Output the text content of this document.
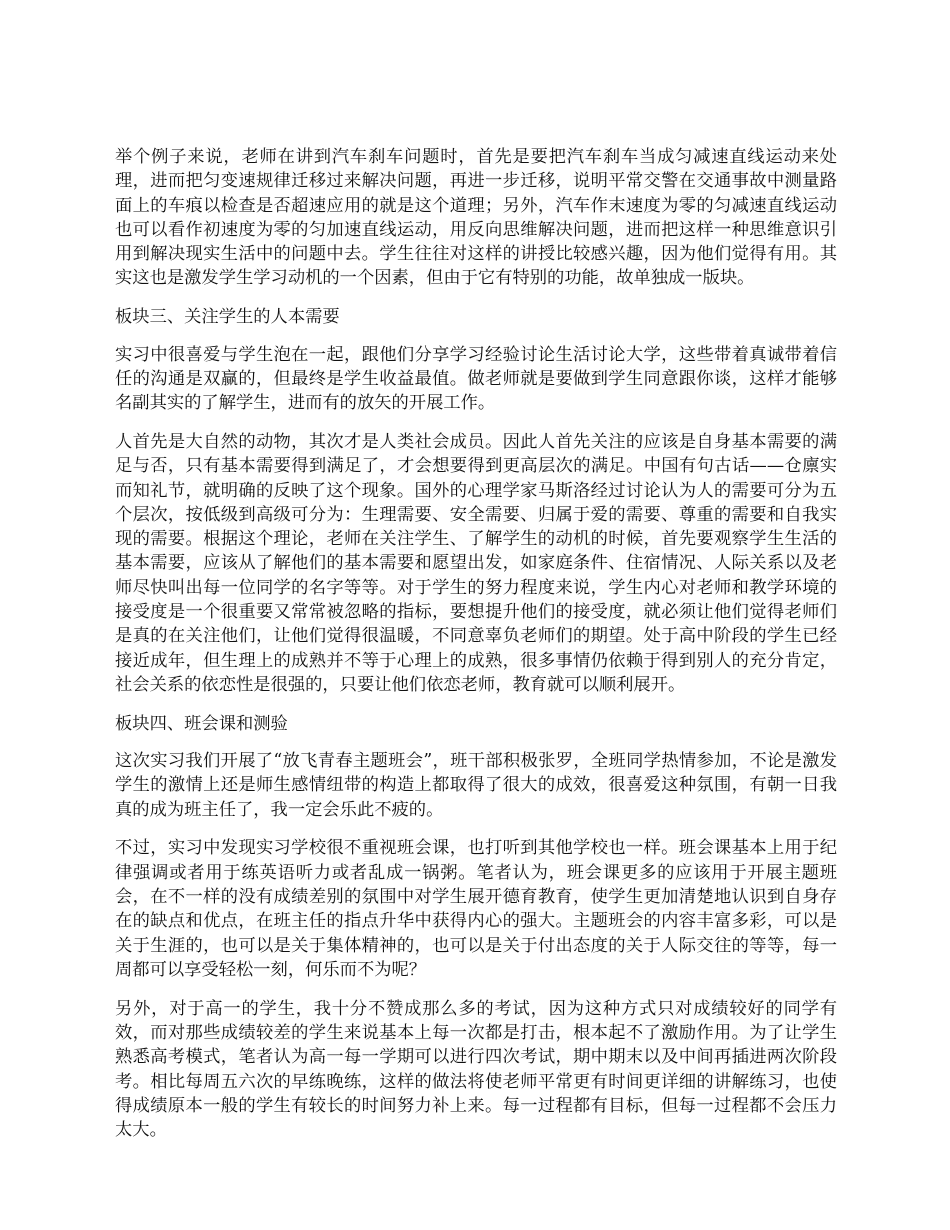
举个例子来说，老师在讲到汽车刹车问题时，首先是要把汽车刹车当成匀减速直线运动来处理，进而把匀变速规律迁移过来解决问题，再进一步迁移，说明平常交警在交通事故中测量路面上的车痕以检查是否超速应用的就是这个道理；另外，汽车作末速度为零的匀减速直线运动也可以看作初速度为零的匀加速直线运动，用反向思维解决问题，进而把这样一种思维意识引用到解决现实生活中的问题中去。学生往往对这样的讲授比较感兴趣，因为他们觉得有用。其实这也是激发学生学习动机的一个因素，但由于它有特别的功能，故单独成一版块。

板块三、关注学生的人本需要

实习中很喜爱与学生泡在一起，跟他们分享学习经验讨论生活讨论大学，这些带着真诚带着信任的沟通是双赢的，但最终是学生收益最值。做老师就是要做到学生同意跟你谈，这样才能够名副其实的了解学生，进而有的放矢的开展工作。

人首先是大自然的动物，其次才是人类社会成员。因此人首先关注的应该是自身基本需要的满足与否，只有基本需要得到满足了，才会想要得到更高层次的满足。中国有句古话——仓廪实而知礼节，就明确的反映了这个现象。国外的心理学家马斯洛经过讨论认为人的需要可分为五个层次，按低级到高级可分为：生理需要、安全需要、归属于爱的需要、尊重的需要和自我实现的需要。根据这个理论，老师在关注学生、了解学生的动机的时候，首先要观察学生生活的基本需要，应该从了解他们的基本需要和愿望出发，如家庭条件、住宿情况、人际关系以及老师尽快叫出每一位同学的名字等等。对于学生的努力程度来说，学生内心对老师和教学环境的接受度是一个很重要又常常被忽略的指标，要想提升他们的接受度，就必须让他们觉得老师们是真的在关注他们，让他们觉得很温暖，不同意辜负老师们的期望。处于高中阶段的学生已经接近成年，但生理上的成熟并不等于心理上的成熟，很多事情仍依赖于得到别人的充分肯定，社会关系的依恋性是很强的，只要让他们依恋老师，教育就可以顺利展开。

板块四、班会课和测验

这次实习我们开展了“放飞青春主题班会”，班干部积极张罗，全班同学热情参加，不论是激发学生的激情上还是师生感情纽带的构造上都取得了很大的成效，很喜爱这种氛围，有朝一日我真的成为班主任了，我一定会乐此不疲的。

不过，实习中发现实习学校很不重视班会课，也打听到其他学校也一样。班会课基本上用于纪律强调或者用于练英语听力或者乱成一锅粥。笔者认为，班会课更多的应该用于开展主题班会，在不一样的没有成绩差别的氛围中对学生展开德育教育，使学生更加清楚地认识到自身存在的缺点和优点，在班主任的指点升华中获得内心的强大。主题班会的内容丰富多彩，可以是关于生涯的，也可以是关于集体精神的，也可以是关于付出态度的关于人际交往的等等，每一周都可以享受轻松一刻，何乐而不为呢？

另外，对于高一的学生，我十分不赞成那么多的考试，因为这种方式只对成绩较好的同学有效，而对那些成绩较差的学生来说基本上每一次都是打击，根本起不了激励作用。为了让学生熟悉高考模式，笔者认为高一每一学期可以进行四次考试，期中期末以及中间再插进两次阶段考。相比每周五六次的早练晚练，这样的做法将使老师平常更有时间更详细的讲解练习，也使得成绩原本一般的学生有较长的时间努力补上来。每一过程都有目标，但每一过程都不会压力太大。
